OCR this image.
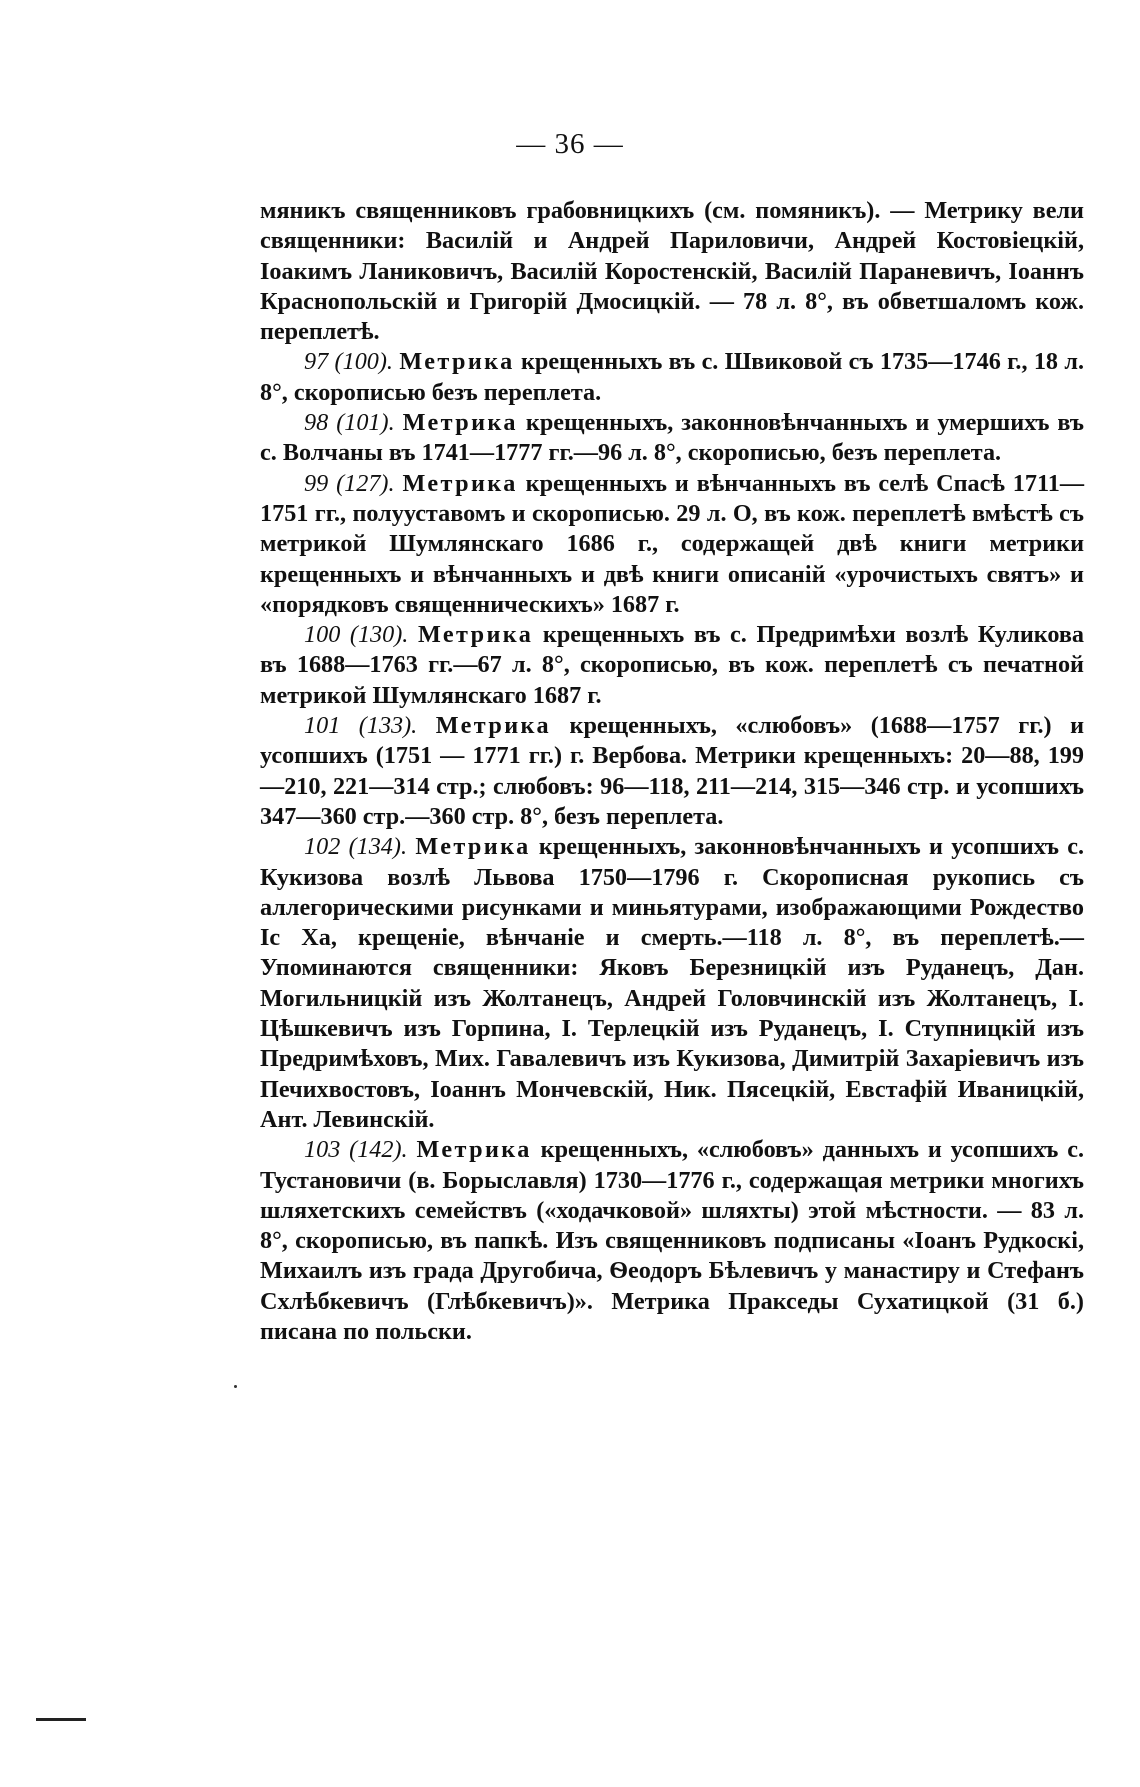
— 36 —

мяникъ священниковъ грабовницкихъ (см. помяникъ). — Метрику вели священники: Василій и Андрей Париловичи, Андрей Костовіецкій, Іоакимъ Ланиковичъ, Василій Коростенскій, Василій Параневичъ, Іоаннъ Краснопольскій и Григорій Дмосицкій. — 78 л. 8°, въ обветшаломъ кож. переплетѣ.

97 (100). Метрика крещенныхъ въ с. Швиковой съ 1735—1746 г., 18 л. 8°, скорописью безъ переплета.

98 (101). Метрика крещенныхъ, законновѣнчанныхъ и умершихъ въ с. Волчаны въ 1741—1777 гг.—96 л. 8°, скорописью, безъ переплета.

99 (127). Метрика крещенныхъ и вѣнчанныхъ въ селѣ Спасѣ 1711—1751 гг., полууставомъ и скорописью. 29 л. О, въ кож. переплетѣ вмѣстѣ съ метрикой Шумлянскаго 1686 г., содержащей двѣ книги метрики крещенныхъ и вѣнчанныхъ и двѣ книги описаній «урочистыхъ святъ» и «порядковъ священническихъ» 1687 г.

100 (130). Метрика крещенныхъ въ с. Предримѣхи возлѣ Куликова въ 1688—1763 гг.—67 л. 8°, скорописью, въ кож. переплетѣ съ печатной метрикой Шумлянскаго 1687 г.

101 (133). Метрика крещенныхъ, «слюбовъ» (1688—1757 гг.) и усопшихъ (1751 — 1771 гг.) г. Вербова. Метрики крещенныхъ: 20—88, 199—210, 221—314 стр.; слюбовъ: 96—118, 211—214, 315—346 стр. и усопшихъ 347—360 стр.—360 стр. 8°, безъ переплета.

102 (134). Метрика крещенныхъ, законновѣнчанныхъ и усопшихъ с. Кукизова возлѣ Львова 1750—1796 г. Скорописная рукопись съ аллегорическими рисунками и миньятурами, изображающими Рождество Іс Ха, крещеніе, вѣнчаніе и смерть.—118 л. 8°, въ переплетѣ.—Упоминаются священники: Яковъ Березницкій изъ Руданецъ, Дан. Могильницкій изъ Жолтанецъ, Андрей Головчинскій изъ Жолтанецъ, І. Цѣшкевичъ изъ Горпина, І. Терлецкій изъ Руданецъ, І. Ступницкій изъ Предримѣховъ, Мих. Гавалевичъ изъ Кукизова, Димитрій Захаріевичъ изъ Печихвостовъ, Іоаннъ Мончевскій, Ник. Пясецкій, Евстафій Иваницкій, Ант. Левинскій.

103 (142). Метрика крещенныхъ, «слюбовъ» данныхъ и усопшихъ с. Тустановичи (в. Борыславля) 1730—1776 г., содержащая метрики многихъ шляхетскихъ семействъ («ходачковой» шляхты) этой мѣстности. — 83 л. 8°, скорописью, въ папкѣ. Изъ священниковъ подписаны «Іоанъ Рудкоскі, Михаилъ изъ града Другобича, Ѳеодоръ Бѣлевичъ у манастиру и Стефанъ Схлѣбкевичъ (Глѣбкевичъ)». Метрика Пракседы Сухатицкой (31 б.) писана по польски.
